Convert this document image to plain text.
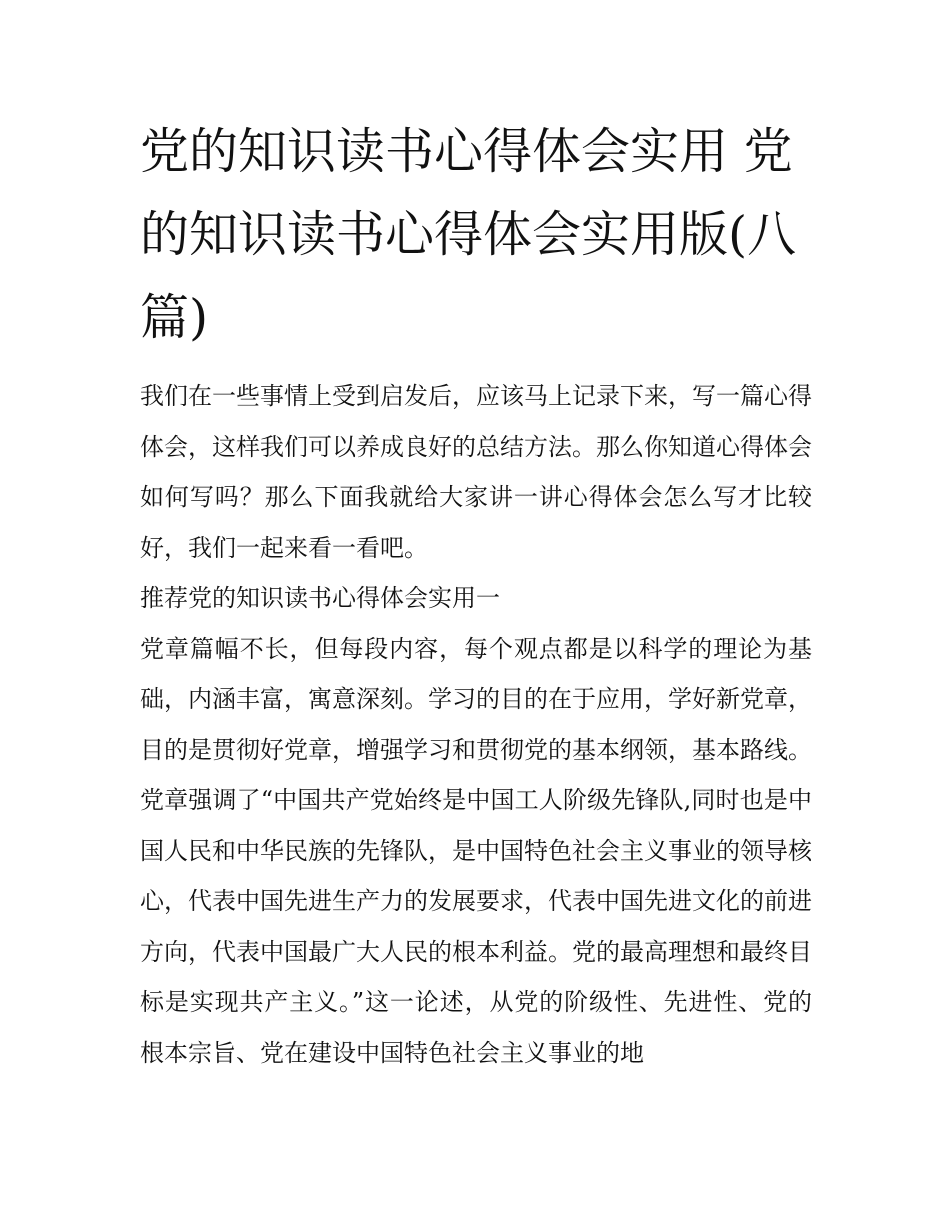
党的知识读书心得体会实用 党的知识读书心得体会实用版(八篇)

我们在一些事情上受到启发后，应该马上记录下来，写一篇心得体会，这样我们可以养成良好的总结方法。那么你知道心得体会如何写吗？那么下面我就给大家讲一讲心得体会怎么写才比较好，我们一起来看一看吧。

推荐党的知识读书心得体会实用一

党章篇幅不长，但每段内容，每个观点都是以科学的理论为基础，内涵丰富，寓意深刻。学习的目的在于应用，学好新党章，目的是贯彻好党章，增强学习和贯彻党的基本纲领，基本路线。

党章强调了“中国共产党始终是中国工人阶级先锋队,同时也是中国人民和中华民族的先锋队，是中国特色社会主义事业的领导核心，代表中国先进生产力的发展要求，代表中国先进文化的前进方向，代表中国最广大人民的根本利益。党的最高理想和最终目标是实现共产主义。”这一论述，从党的阶级性、先进性、党的根本宗旨、党在建设中国特色社会主义事业的地
